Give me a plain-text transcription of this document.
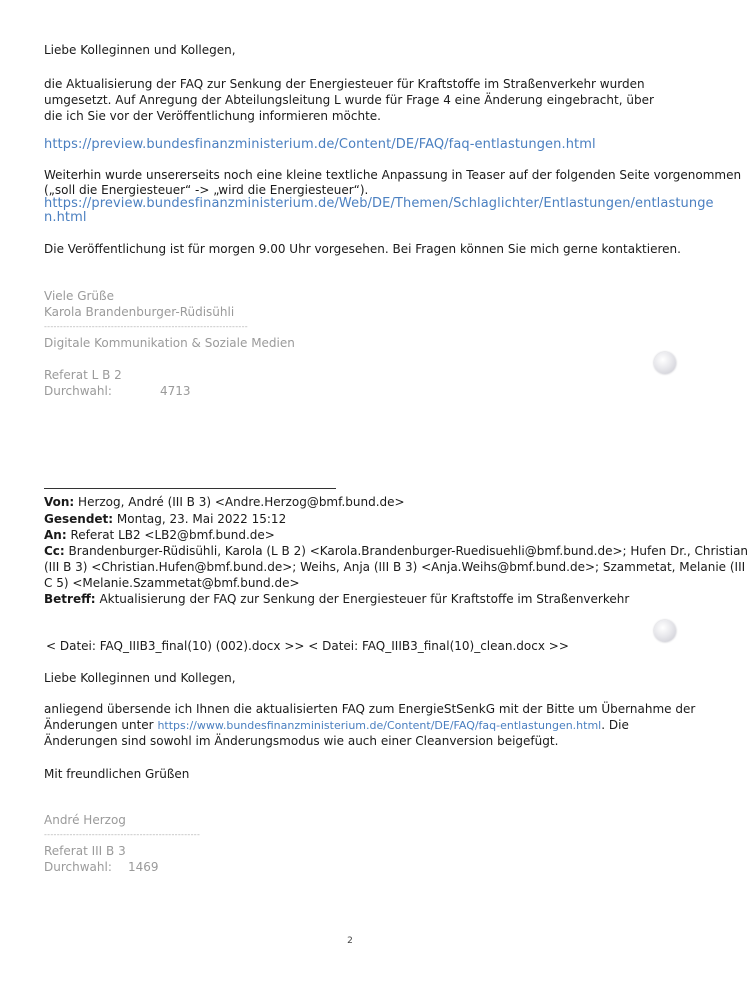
Liebe Kolleginnen und Kollegen,
die Aktualisierung der FAQ zur Senkung der Energiesteuer für Kraftstoffe im Straßenverkehr wurden umgesetzt. Auf Anregung der Abteilungsleitung L wurde für Frage 4 eine Änderung eingebracht, über die ich Sie vor der Veröffentlichung informieren möchte.
https://preview.bundesfinanzministerium.de/Content/DE/FAQ/faq-entlastungen.html
Weiterhin wurde unsererseits noch eine kleine textliche Anpassung in Teaser auf der folgenden Seite vorgenommen
(„soll die Energiesteuer“ -> „wird die Energiesteuer“).
https://preview.bundesfinanzministerium.de/Web/DE/Themen/Schlaglichter/Entlastungen/entlastunge
n.html
Die Veröffentlichung ist für morgen 9.00 Uhr vorgesehen. Bei Fragen können Sie mich gerne kontaktieren.
Viele Grüße
Karola Brandenburger-Rüdisühli
----------------------------------------------------------------
Digitale Kommunikation & Soziale Medien
Referat L B 2
Durchwahl:	4713
Von: Herzog, André (III B 3) <Andre.Herzog@bmf.bund.de>
Gesendet: Montag, 23. Mai 2022 15:12
An: Referat LB2 <LB2@bmf.bund.de>
Cc: Brandenburger-Rüdisühli, Karola (L B 2) <Karola.Brandenburger-Ruedisuehli@bmf.bund.de>; Hufen Dr., Christian
(III B 3) <Christian.Hufen@bmf.bund.de>; Weihs, Anja (III B 3) <Anja.Weihs@bmf.bund.de>; Szammetat, Melanie (III
C 5) <Melanie.Szammetat@bmf.bund.de>
Betreff: Aktualisierung der FAQ zur Senkung der Energiesteuer für Kraftstoffe im Straßenverkehr
< Datei: FAQ_IIIB3_final(10) (002).docx >> < Datei: FAQ_IIIB3_final(10)_clean.docx >>
Liebe Kolleginnen und Kollegen,
anliegend übersende ich Ihnen die aktualisierten FAQ zum EnergieStSenkG mit der Bitte um Übernahme der
Änderungen unter https://www.bundesfinanzministerium.de/Content/DE/FAQ/faq-entlastungen.html. Die
Änderungen sind sowohl im Änderungsmodus wie auch einer Cleanversion beigefügt.
Mit freundlichen Grüßen
André Herzog
-------------------------------------------------
Referat III B 3
Durchwahl: 1469
2
